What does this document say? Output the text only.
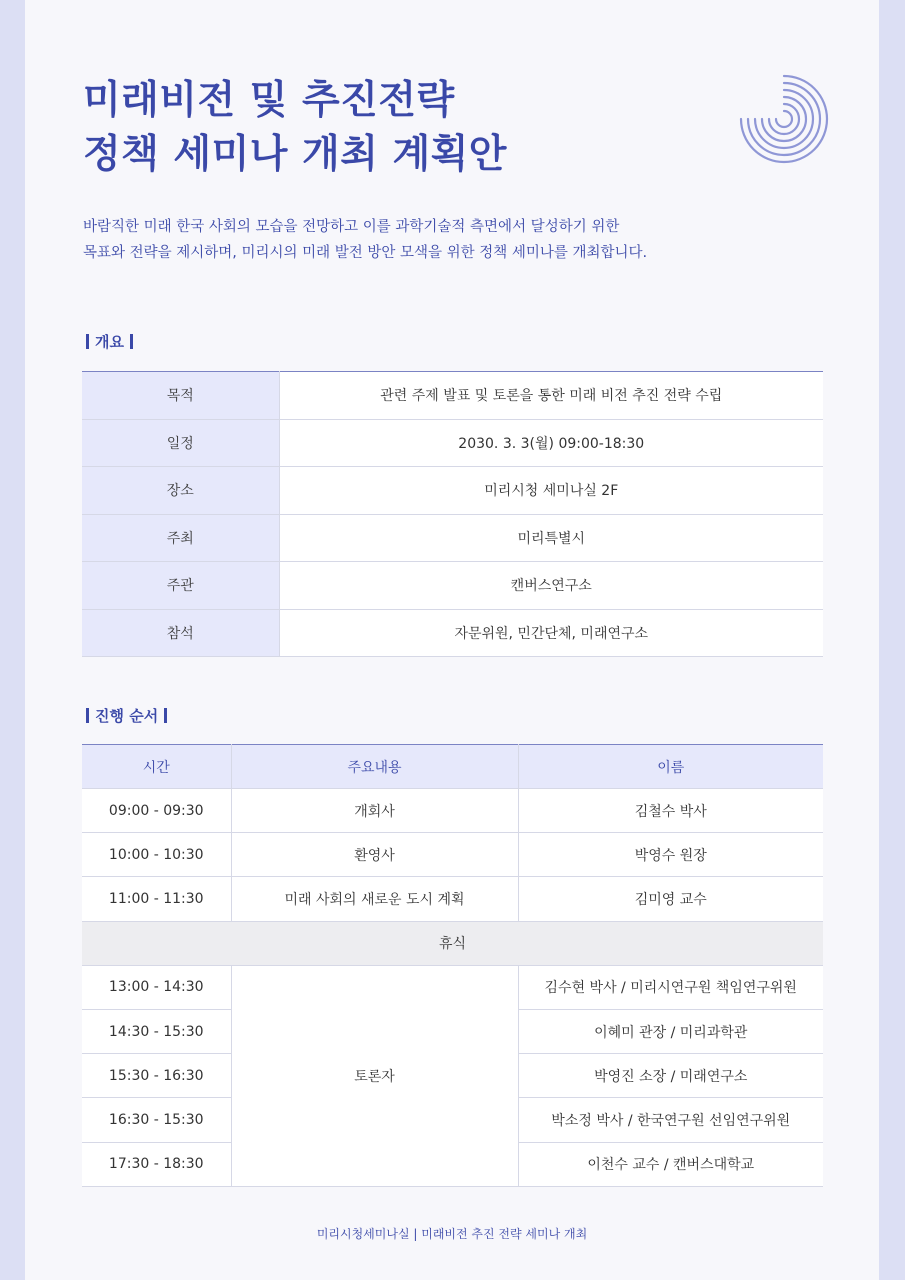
미래비전 및 추진전략
정책 세미나 개최 계획안
바람직한 미래 한국 사회의 모습을 전망하고 이를 과학기술적 측면에서 달성하기 위한
목표와 전략을 제시하며, 미리시의 미래 발전 방안 모색을 위한 정책 세미나를 개최합니다.
개요
목적	관련 주제 발표 및 토론을 통한 미래 비전 추진 전략 수립
일정	2030. 3. 3(월) 09:00-18:30
장소	미리시청 세미나실 2F
주최	미리특별시
주관	캔버스연구소
참석	자문위원, 민간단체, 미래연구소
진행 순서
시간	주요내용	이름
09:00 - 09:30	개회사	김철수 박사
10:00 - 10:30	환영사	박영수 원장
11:00 - 11:30	미래 사회의 새로운 도시 계획	김미영 교수
휴식		
13:00 - 14:30	토론자	김수현 박사 / 미리시연구원 책임연구위원
14:30 - 15:30		이혜미 관장 / 미리과학관
15:30 - 16:30		박영진 소장 / 미래연구소
16:30 - 15:30		박소정 박사 / 한국연구원 선임연구위원
17:30 - 18:30		이천수 교수 / 캔버스대학교
미리시청세미나실 | 미래비전 추진 전략 세미나 개최
